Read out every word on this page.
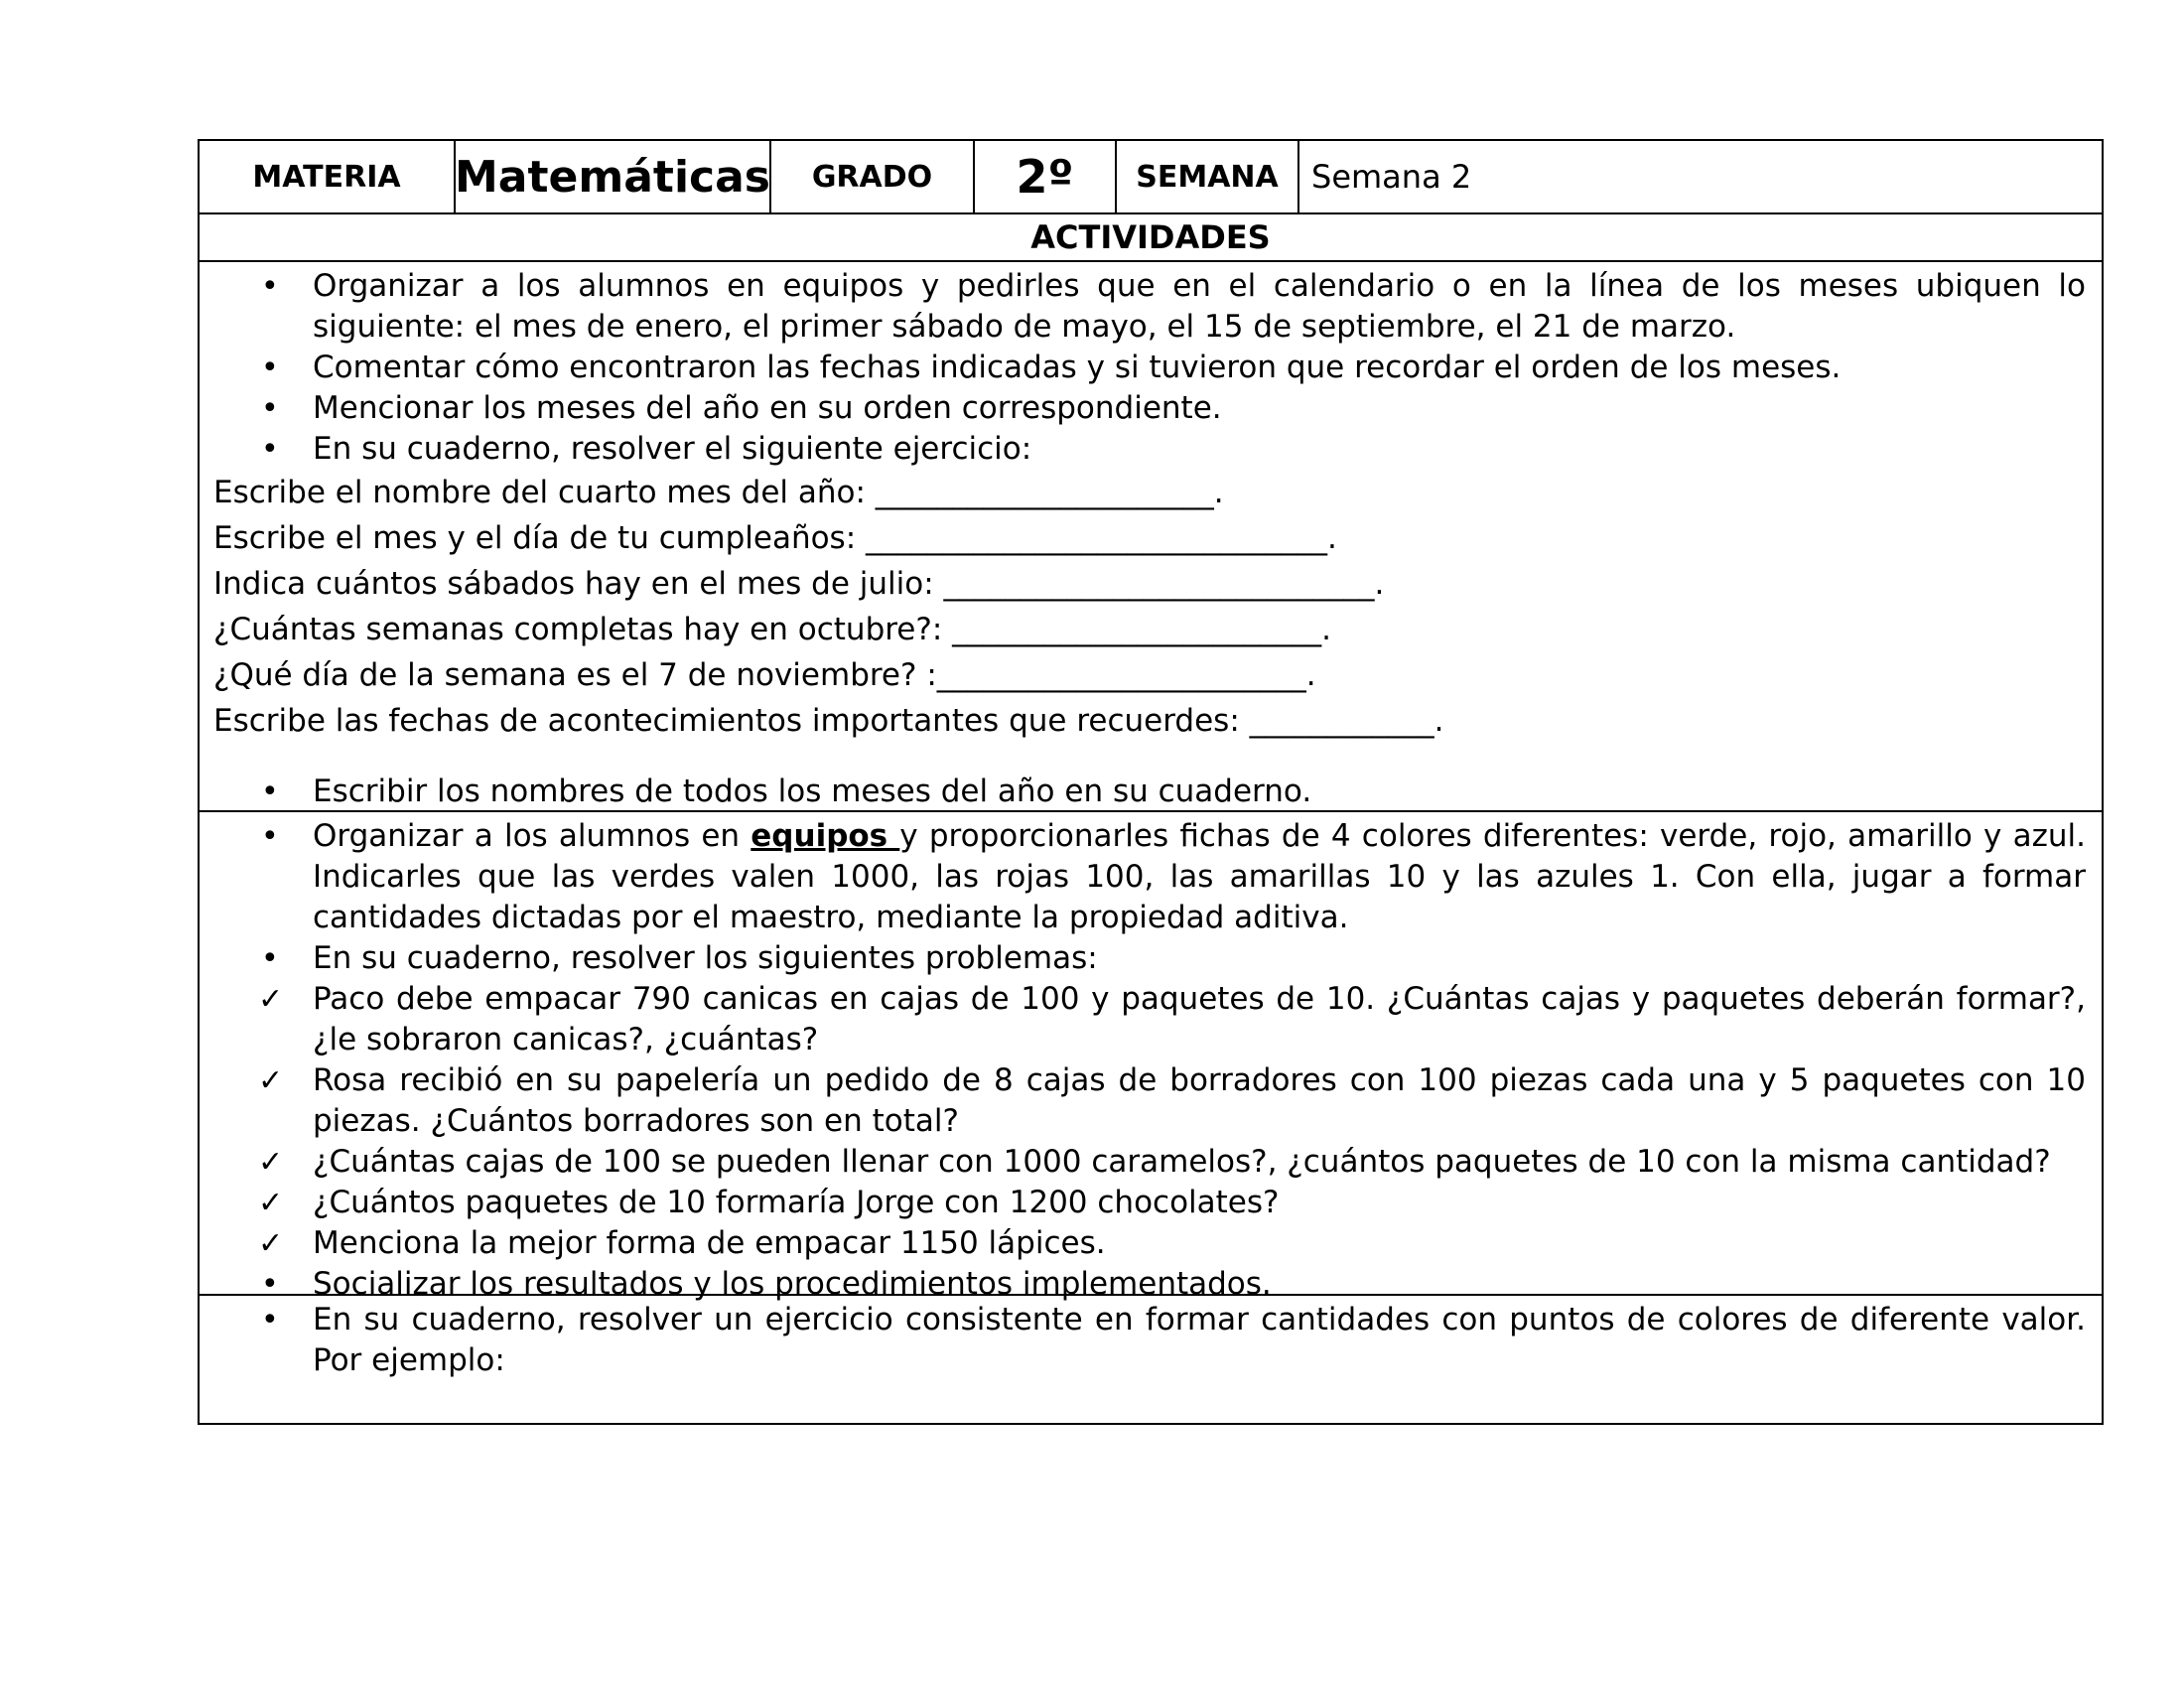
MATERIA	Matemáticas	GRADO	2º	SEMANA	Semana 2
ACTIVIDADES
• Organizar a los alumnos en equipos y pedirles que en el calendario o en la línea de los meses ubiquen lo siguiente: el mes de enero, el primer sábado de mayo, el 15 de septiembre, el 21 de marzo.
• Comentar cómo encontraron las fechas indicadas y si tuvieron que recordar el orden de los meses.
• Mencionar los meses del año en su orden correspondiente.
• En su cuaderno, resolver el siguiente ejercicio:

Escribe el nombre del cuarto mes del año: ______________________.

Escribe el mes y el día de tu cumpleaños: ______________________________.

Indica cuántos sábados hay en el mes de julio: ____________________________.

¿Cuántas semanas completas hay en octubre?: ________________________.

¿Qué día de la semana es el 7 de noviembre? :________________________.

Escribe las fechas de acontecimientos importantes que recuerdes: ____________.

• Escribir los nombres de todos los meses del año en su cuaderno.
• Organizar a los alumnos en equipos y proporcionarles fichas de 4 colores diferentes: verde, rojo, amarillo y azul. Indicarles que las verdes valen 1000, las rojas 100, las amarillas 10 y las azules 1. Con ella, jugar a formar cantidades dictadas por el maestro, mediante la propiedad aditiva.
• En su cuaderno, resolver los siguientes problemas:
✓ Paco debe empacar 790 canicas en cajas de 100 y paquetes de 10. ¿Cuántas cajas y paquetes deberán formar?, ¿le sobraron canicas?, ¿cuántas?
✓ Rosa recibió en su papelería un pedido de 8 cajas de borradores con 100 piezas cada una y 5 paquetes con 10 piezas. ¿Cuántos borradores son en total?
✓ ¿Cuántas cajas de 100 se pueden llenar con 1000 caramelos?, ¿cuántos paquetes de 10 con la misma cantidad?
✓ ¿Cuántos paquetes de 10 formaría Jorge con 1200 chocolates?
✓ Menciona la mejor forma de empacar 1150 lápices.
• Socializar los resultados y los procedimientos implementados.
• En su cuaderno, resolver un ejercicio consistente en formar cantidades con puntos de colores de diferente valor. Por ejemplo:
